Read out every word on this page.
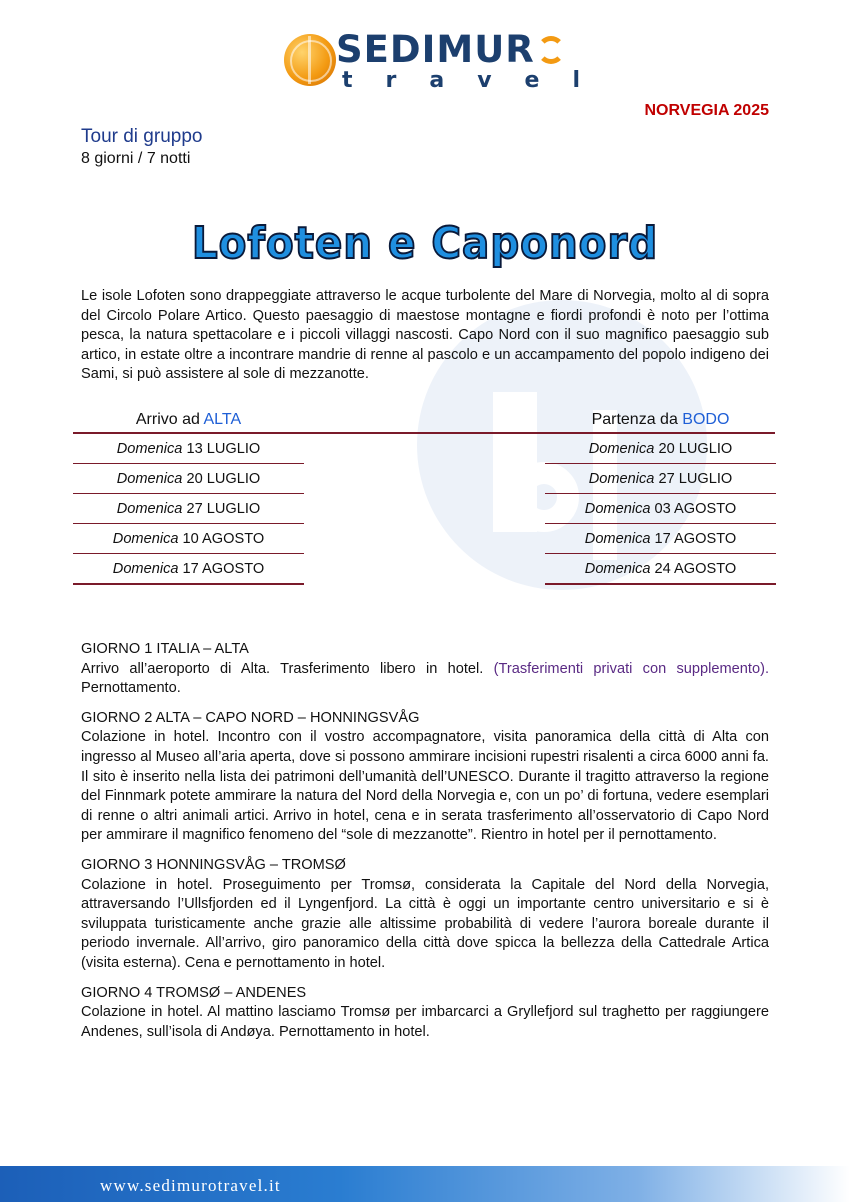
SEDIMUR
travel
NORVEGIA 2025
Tour di gruppo
8 giorni / 7 notti
Lofoten e Caponord
Le isole Lofoten sono drappeggiate attraverso le acque turbolente del Mare di Norvegia, molto al di sopra del Circolo Polare Artico. Questo paesaggio di maestose montagne e fiordi profondi è noto per l’ottima pesca, la natura spettacolare e i piccoli villaggi nascosti. Capo Nord con il suo magnifico paesaggio sub artico, in estate oltre a incontrare mandrie di renne al pascolo e un accampamento del popolo indigeno dei Sami, si può assistere al sole di mezzanotte.
Arrivo ad ALTA	Partenza da BODO
Domenica 13 LUGLIO
Domenica 20 LUGLIO
Domenica 27 LUGLIO
Domenica 10 AGOSTO
Domenica 17 AGOSTO
Domenica 20 LUGLIO
Domenica 27 LUGLIO
Domenica 03 AGOSTO
Domenica 17 AGOSTO
Domenica 24 AGOSTO
GIORNO 1 ITALIA – ALTA
Arrivo all’aeroporto di Alta. Trasferimento libero in hotel. (Trasferimenti privati con supplemento). Pernottamento.
GIORNO 2 ALTA – CAPO NORD – HONNINGSVÅG
Colazione in hotel. Incontro con il vostro accompagnatore, visita panoramica della città di Alta con ingresso al Museo all’aria aperta, dove si possono ammirare incisioni rupestri risalenti a circa 6000 anni fa. Il sito è inserito nella lista dei patrimoni dell’umanità dell’UNESCO. Durante il tragitto attraverso la regione del Finnmark potete ammirare la natura del Nord della Norvegia e, con un po’ di fortuna, vedere esemplari di renne o altri animali artici. Arrivo in hotel, cena e in serata trasferimento all’osservatorio di Capo Nord per ammirare il magnifico fenomeno del “sole di mezzanotte”. Rientro in hotel per il pernottamento.
GIORNO 3 HONNINGSVÅG – TROMSØ
Colazione in hotel. Proseguimento per Tromsø, considerata la Capitale del Nord della Norvegia, attraversando l’Ullsfjorden ed il Lyngenfjord. La città è oggi un importante centro universitario e si è sviluppata turisticamente anche grazie alle altissime probabilità di vedere l’aurora boreale durante il periodo invernale. All’arrivo, giro panoramico della città dove spicca la bellezza della Cattedrale Artica (visita esterna). Cena e pernottamento in hotel.
GIORNO 4 TROMSØ – ANDENES
Colazione in hotel. Al mattino lasciamo Tromsø per imbarcarci a Gryllefjord sul traghetto per raggiungere Andenes, sull’isola di Andøya. Pernottamento in hotel.
www.sedimurotravel.it
